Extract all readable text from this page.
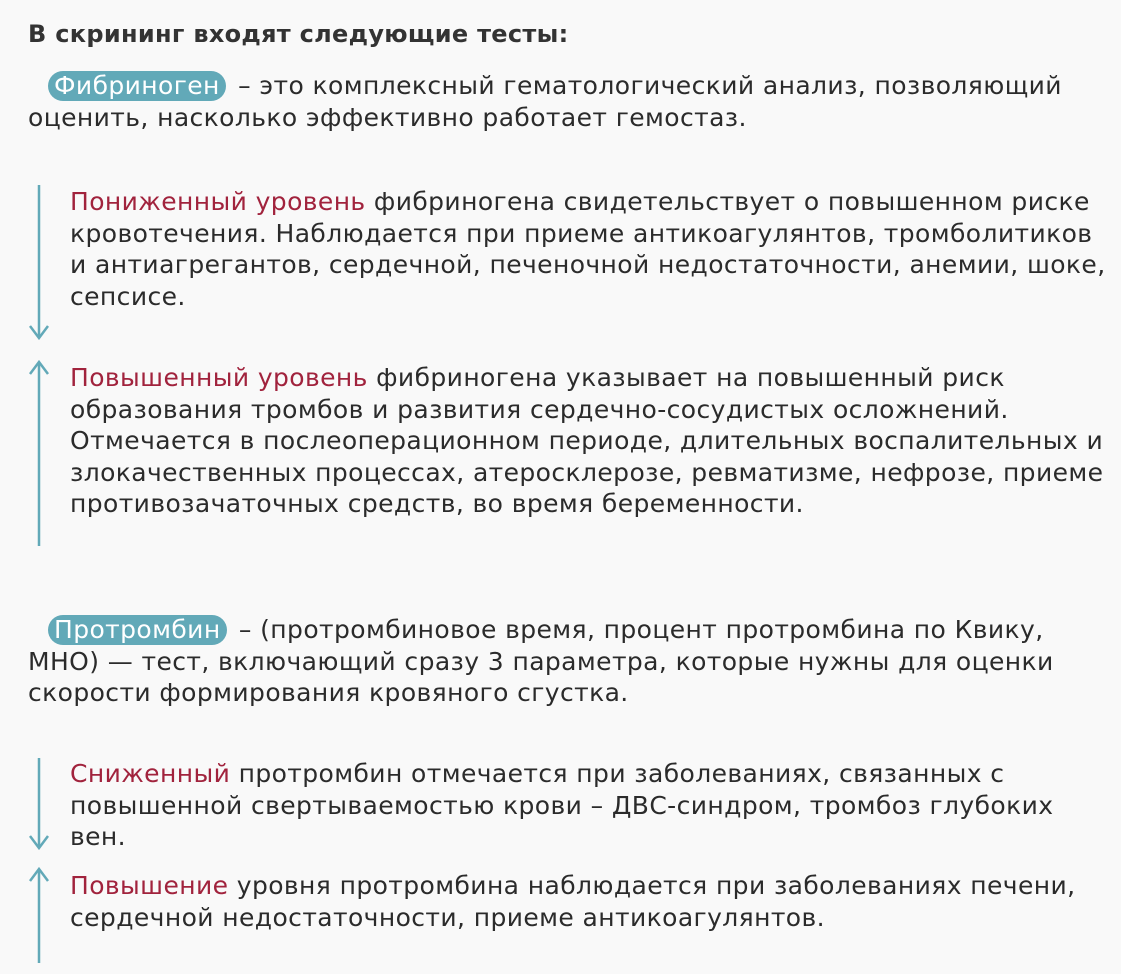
В скрининг входят следующие тесты:

Фибриноген – это комплексный гематологический анализ, позволяющий оценить, насколько эффективно работает гемостаз.

Пониженный уровень фибриногена свидетельствует о повышенном риске кровотечения. Наблюдается при приеме антикоагулянтов, тромболитиков и антиагрегантов, сердечной, печеночной недостаточности, анемии, шоке, сепсисе.

Повышенный уровень фибриногена указывает на повышенный риск образования тромбов и развития сердечно-сосудистых осложнений. Отмечается в послеоперационном периоде, длительных воспалительных и злокачественных процессах, атеросклерозе, ревматизме, нефрозе, приеме противозачаточных средств, во время беременности.

Протромбин – (протромбиновое время, процент протромбина по Квику, МНО) — тест, включающий сразу 3 параметра, которые нужны для оценки скорости формирования кровяного сгустка.

Сниженный протромбин отмечается при заболеваниях, связанных с повышенной свертываемостью крови – ДВС-синдром, тромбоз глубоких вен.

Повышение уровня протромбина наблюдается при заболеваниях печени, сердечной недостаточности, приеме антикоагулянтов.
